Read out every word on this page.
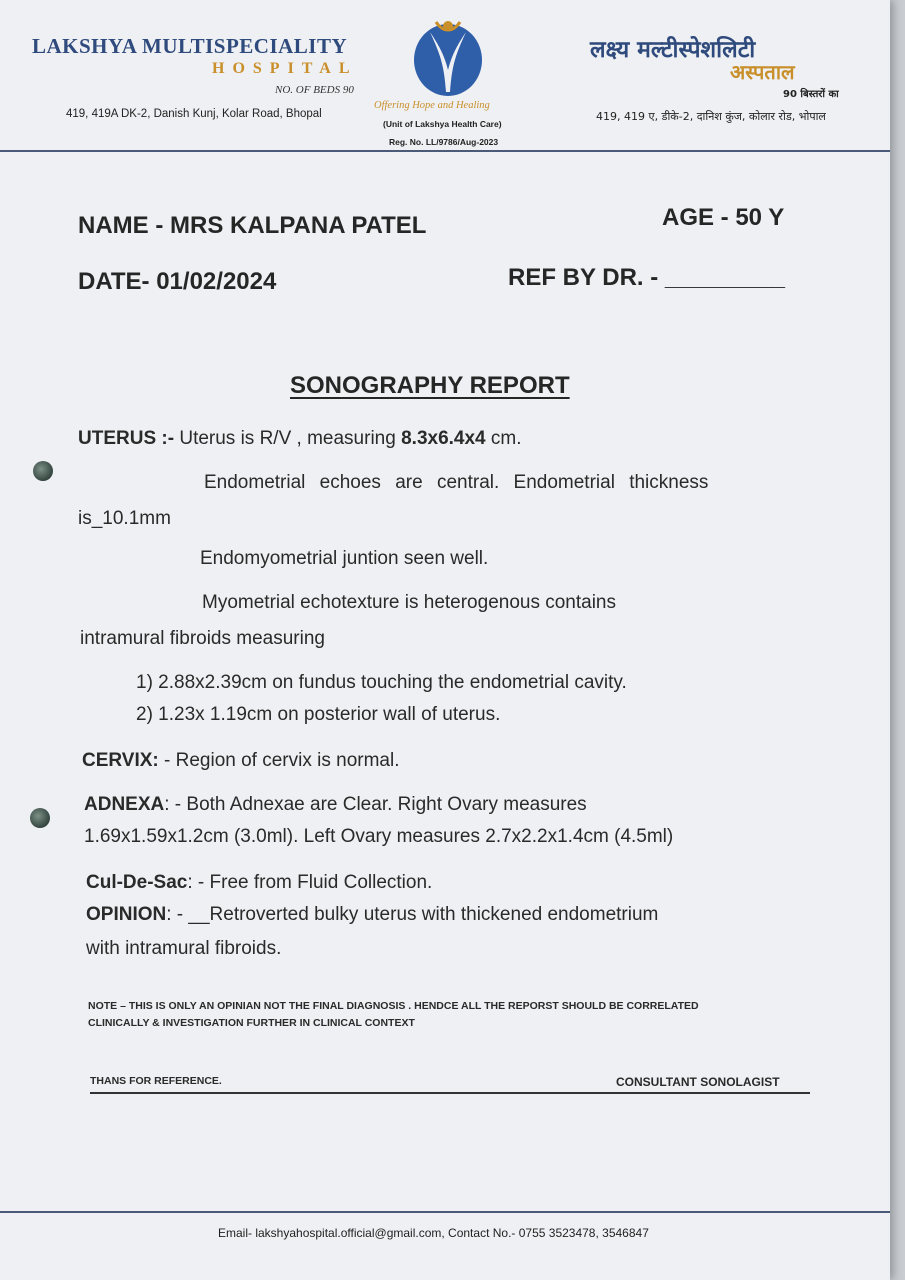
LAKSHYA MULTISPECIALITY
HOSPITAL
NO. OF BEDS 90
419, 419A DK-2, Danish Kunj, Kolar Road, Bhopal
Offering Hope and Healing
(Unit of Lakshya Health Care)
Reg. No. LL/9786/Aug-2023
लक्ष्य मल्टीस्पेशलिटी
अस्पताल
90 बिस्तरों का
419, 419 ए, डीके-2, दानिश कुंज, कोलार रोड, भोपाल
NAME - MRS KALPANA PATEL	AGE - 50 Y
DATE- 01/02/2024	REF BY DR. - _________
SONOGRAPHY REPORT
UTERUS :- Uterus is R/V , measuring 8.3x6.4x4 cm.
Endometrial echoes are central. Endometrial thickness
is_10.1mm
Endomyometrial juntion seen well.
Myometrial echotexture is heterogenous contains
intramural fibroids measuring
1) 2.88x2.39cm on fundus touching the endometrial cavity.
2) 1.23x 1.19cm on posterior wall of uterus.
CERVIX: - Region of cervix is normal.
ADNEXA: - Both Adnexae are Clear. Right Ovary measures
1.69x1.59x1.2cm (3.0ml). Left Ovary measures 2.7x2.2x1.4cm (4.5ml)
Cul-De-Sac: - Free from Fluid Collection.
OPINION: - __Retroverted bulky uterus with thickened endometrium
with intramural fibroids.
NOTE – THIS IS ONLY AN OPINIAN NOT THE FINAL DIAGNOSIS . HENDCE ALL THE REPORST SHOULD BE CORRELATED
CLINICALLY & INVESTIGATION FURTHER IN CLINICAL CONTEXT
THANS FOR REFERENCE.	CONSULTANT SONOLAGIST
Email- lakshyahospital.official@gmail.com, Contact No.- 0755 3523478, 3546847
